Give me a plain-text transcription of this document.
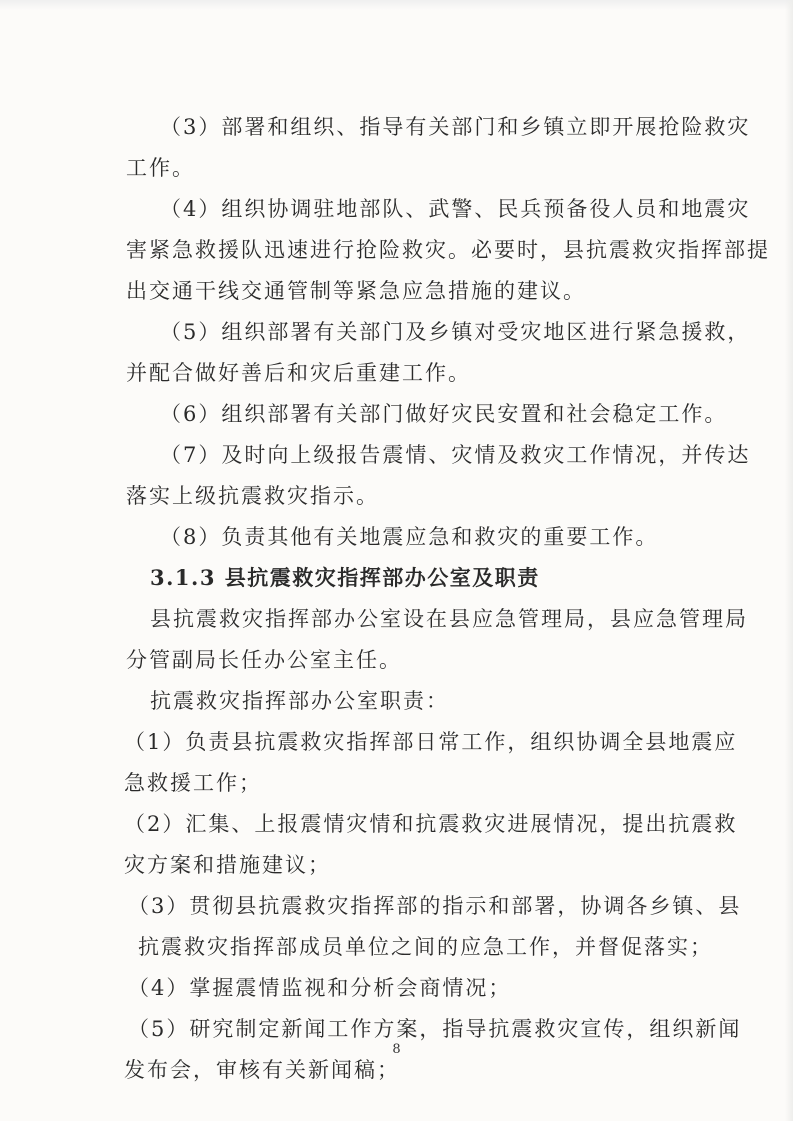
（3）部署和组织、指导有关部门和乡镇立即开展抢险救灾
工作。
（4）组织协调驻地部队、武警、民兵预备役人员和地震灾
害紧急救援队迅速进行抢险救灾。必要时，县抗震救灾指挥部提
出交通干线交通管制等紧急应急措施的建议。
（5）组织部署有关部门及乡镇对受灾地区进行紧急援救，
并配合做好善后和灾后重建工作。
（6）组织部署有关部门做好灾民安置和社会稳定工作。
（7）及时向上级报告震情、灾情及救灾工作情况，并传达
落实上级抗震救灾指示。
（8）负责其他有关地震应急和救灾的重要工作。
3.1.3 县抗震救灾指挥部办公室及职责
县抗震救灾指挥部办公室设在县应急管理局，县应急管理局
分管副局长任办公室主任。
抗震救灾指挥部办公室职责：
（1）负责县抗震救灾指挥部日常工作，组织协调全县地震应
急救援工作；
（2）汇集、上报震情灾情和抗震救灾进展情况，提出抗震救
灾方案和措施建议；
（3）贯彻县抗震救灾指挥部的指示和部署，协调各乡镇、县
抗震救灾指挥部成员单位之间的应急工作，并督促落实；
（4）掌握震情监视和分析会商情况；
（5）研究制定新闻工作方案，指导抗震救灾宣传，组织新闻
发布会，审核有关新闻稿；
8
